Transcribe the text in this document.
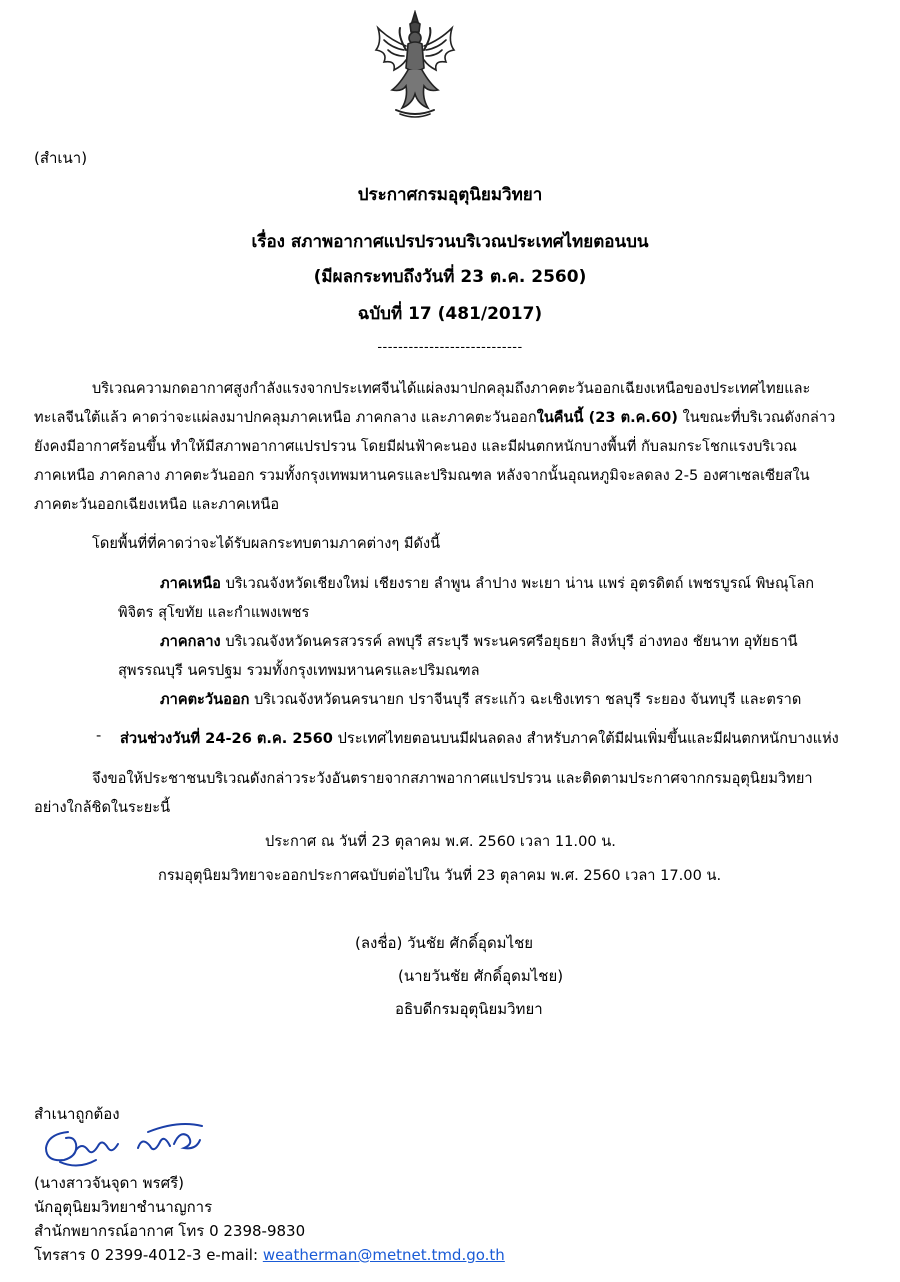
(สำเนา)
ประกาศกรมอุตุนิยมวิทยา
เรื่อง สภาพอากาศแปรปรวนบริเวณประเทศไทยตอนบน
(มีผลกระทบถึงวันที่ 23 ต.ค. 2560)
ฉบับที่ 17 (481/2017)
----------------------------
บริเวณความกดอากาศสูงกำลังแรงจากประเทศจีนได้แผ่ลงมาปกคลุมถึงภาคตะวันออกเฉียงเหนือของประเทศไทยและ
ทะเลจีนใต้แล้ว คาดว่าจะแผ่ลงมาปกคลุมภาคเหนือ ภาคกลาง และภาคตะวันออกในคืนนี้ (23 ต.ค.60) ในขณะที่บริเวณดังกล่าว
ยังคงมีอากาศร้อนขึ้น ทำให้มีสภาพอากาศแปรปรวน โดยมีฝนฟ้าคะนอง และมีฝนตกหนักบางพื้นที่ กับลมกระโชกแรงบริเวณ
ภาคเหนือ ภาคกลาง ภาคตะวันออก รวมทั้งกรุงเทพมหานครและปริมณฑล หลังจากนั้นอุณหภูมิจะลดลง 2-5 องศาเซลเซียสใน
ภาคตะวันออกเฉียงเหนือ และภาคเหนือ
โดยพื้นที่ที่คาดว่าจะได้รับผลกระทบตามภาคต่างๆ มีดังนี้
ภาคเหนือ บริเวณจังหวัดเชียงใหม่ เชียงราย ลำพูน ลำปาง พะเยา น่าน แพร่ อุตรดิตถ์ เพชรบูรณ์ พิษณุโลก
พิจิตร สุโขทัย และกำแพงเพชร
ภาคกลาง บริเวณจังหวัดนครสวรรค์ ลพบุรี สระบุรี พระนครศรีอยุธยา สิงห์บุรี อ่างทอง ชัยนาท อุทัยธานี
สุพรรณบุรี นครปฐม รวมทั้งกรุงเทพมหานครและปริมณฑล
ภาคตะวันออก บริเวณจังหวัดนครนายก ปราจีนบุรี สระแก้ว ฉะเชิงเทรา ชลบุรี ระยอง จันทบุรี และตราด
- ส่วนช่วงวันที่ 24-26 ต.ค. 2560 ประเทศไทยตอนบนมีฝนลดลง สำหรับภาคใต้มีฝนเพิ่มขึ้นและมีฝนตกหนักบางแห่ง
จึงขอให้ประชาชนบริเวณดังกล่าวระวังอันตรายจากสภาพอากาศแปรปรวน และติดตามประกาศจากกรมอุตุนิยมวิทยา
อย่างใกล้ชิดในระยะนี้
ประกาศ ณ วันที่ 23 ตุลาคม พ.ศ. 2560 เวลา 11.00 น.
กรมอุตุนิยมวิทยาจะออกประกาศฉบับต่อไปใน วันที่ 23 ตุลาคม พ.ศ. 2560 เวลา 17.00 น.
(ลงชื่อ) วันชัย ศักดิ์อุดมไชย
(นายวันชัย ศักดิ์อุดมไชย)
อธิบดีกรมอุตุนิยมวิทยา
สำเนาถูกต้อง
(นางสาวจันจุดา พรศรี)
นักอุตุนิยมวิทยาชำนาญการ
สำนักพยากรณ์อากาศ โทร 0 2398-9830
โทรสาร 0 2399-4012-3 e-mail: weatherman@metnet.tmd.go.th
